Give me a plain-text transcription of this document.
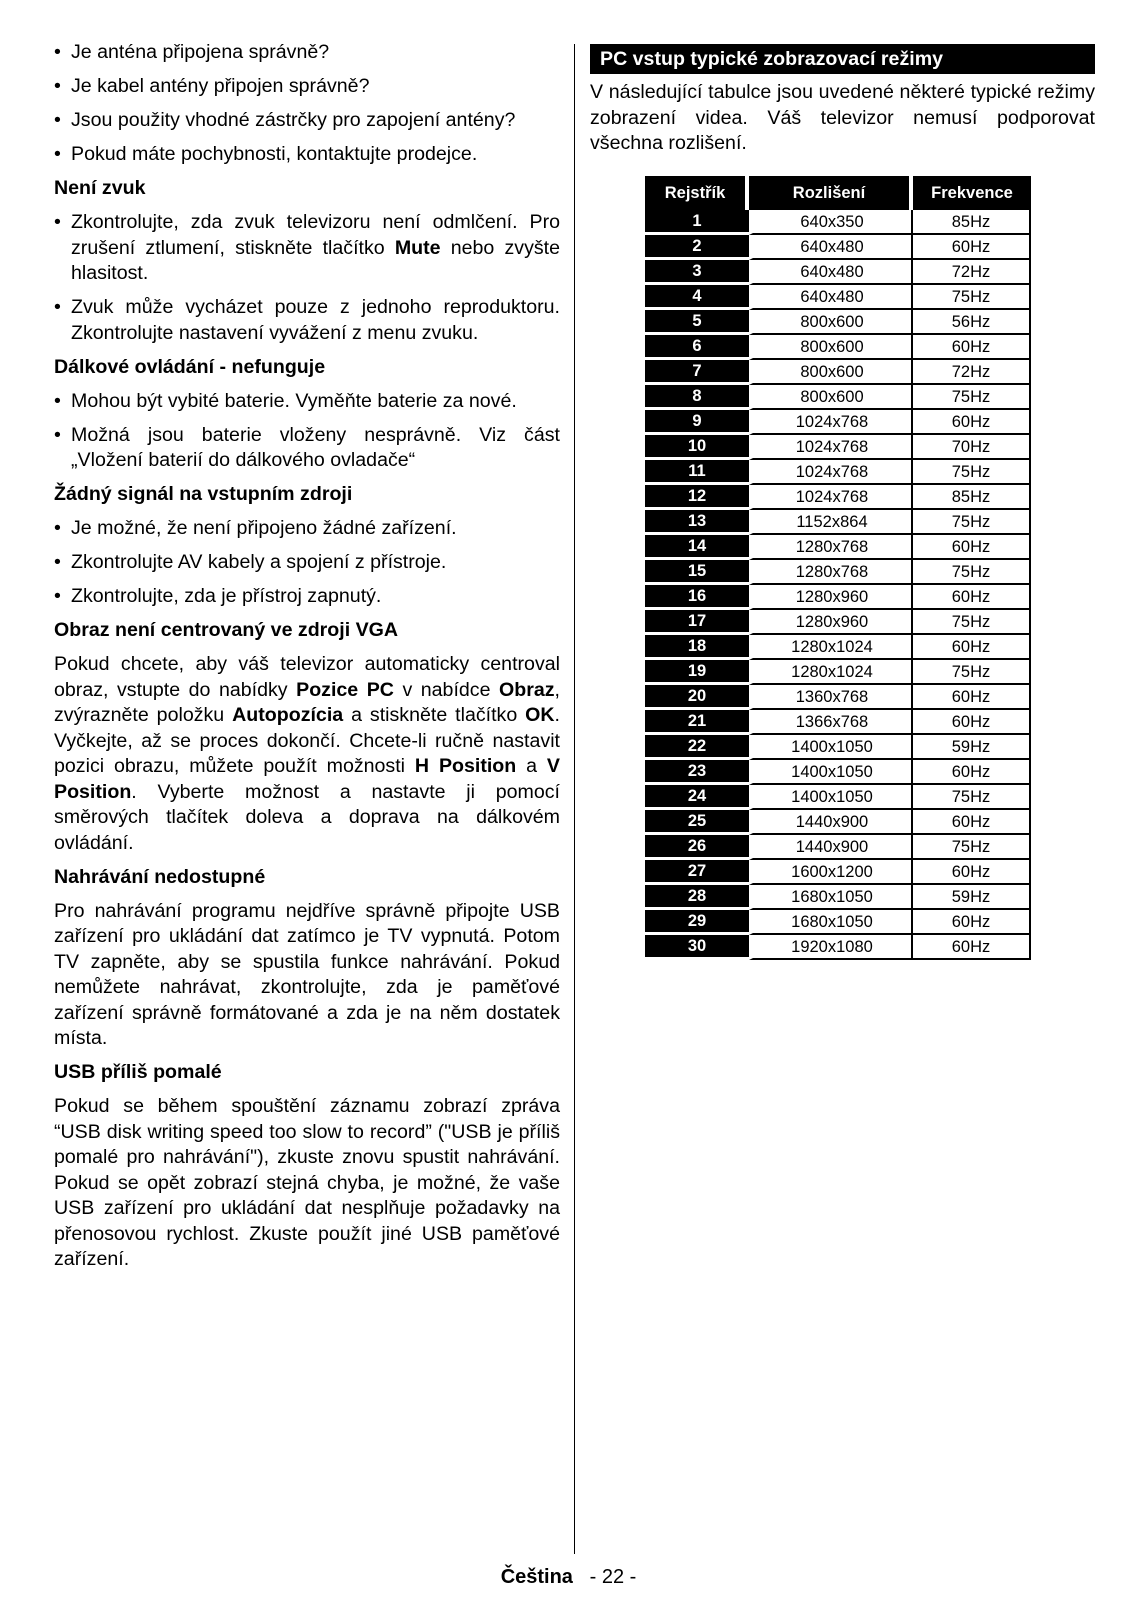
• Je anténa připojena správně?
• Je kabel antény připojen správně?
• Jsou použity vhodné zástrčky pro zapojení antény?
• Pokud máte pochybnosti, kontaktujte prodejce.
Není zvuk
• Zkontrolujte, zda zvuk televizoru není odmlčení. Pro zrušení ztlumení, stiskněte tlačítko Mute nebo zvyšte hlasitost.
• Zvuk může vycházet pouze z jednoho reproduktoru. Zkontrolujte nastavení vyvážení z menu zvuku.
Dálkové ovládání - nefunguje
• Mohou být vybité baterie. Vyměňte baterie za nové.
• Možná jsou baterie vloženy nesprávně. Viz část „Vložení baterií do dálkového ovladače“
Žádný signál na vstupním zdroji
• Je možné, že není připojeno žádné zařízení.
• Zkontrolujte AV kabely a spojení z přístroje.
• Zkontrolujte, zda je přístroj zapnutý.
Obraz není centrovaný ve zdroji VGA
Pokud chcete, aby váš televizor automaticky centroval obraz, vstupte do nabídky Pozice PC v nabídce Obraz, zvýrazněte položku Autopozícia a stiskněte tlačítko OK. Vyčkejte, až se proces dokončí. Chcete-li ručně nastavit pozici obrazu, můžete použít možnosti H Position a V Position. Vyberte možnost a nastavte ji pomocí směrových tlačítek doleva a doprava na dálkovém ovládání.
Nahrávání nedostupné
Pro nahrávání programu nejdříve správně připojte USB zařízení pro ukládání dat zatímco je TV vypnutá. Potom TV zapněte, aby se spustila funkce nahrávání. Pokud nemůžete nahrávat, zkontrolujte, zda je paměťové zařízení správně formátované a zda je na něm dostatek místa.
USB příliš pomalé
Pokud se během spouštění záznamu zobrazí zpráva “USB disk writing speed too slow to record” ("USB je příliš pomalé pro nahrávání"), zkuste znovu spustit nahrávání. Pokud se opět zobrazí stejná chyba, je možné, že vaše USB zařízení pro ukládání dat nesplňuje požadavky na přenosovou rychlost. Zkuste použít jiné USB paměťové zařízení.
PC vstup typické zobrazovací režimy
V následující tabulce jsou uvedené některé typické režimy zobrazení videa. Váš televizor nemusí podporovat všechna rozlišení.
Rejstřík	Rozlišení	Frekvence
1	640x350	85Hz
2	640x480	60Hz
3	640x480	72Hz
4	640x480	75Hz
5	800x600	56Hz
6	800x600	60Hz
7	800x600	72Hz
8	800x600	75Hz
9	1024x768	60Hz
10	1024x768	70Hz
11	1024x768	75Hz
12	1024x768	85Hz
13	1152x864	75Hz
14	1280x768	60Hz
15	1280x768	75Hz
16	1280x960	60Hz
17	1280x960	75Hz
18	1280x1024	60Hz
19	1280x1024	75Hz
20	1360x768	60Hz
21	1366x768	60Hz
22	1400x1050	59Hz
23	1400x1050	60Hz
24	1400x1050	75Hz
25	1440x900	60Hz
26	1440x900	75Hz
27	1600x1200	60Hz
28	1680x1050	59Hz
29	1680x1050	60Hz
30	1920x1080	60Hz
Čeština - 22 -
